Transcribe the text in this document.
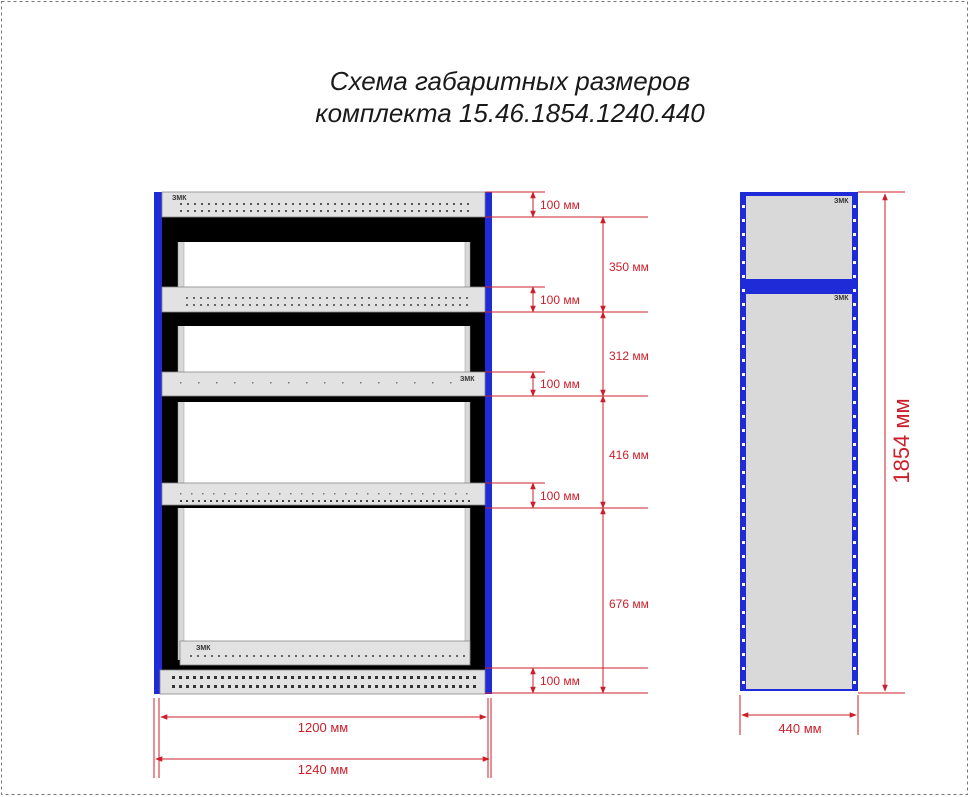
Схема габаритных размеров
комплекта 15.46.1854.1240.440
ЗМК
ЗМК
ЗМК
ЗМК
ЗМК
100 мм
100 мм
100 мм
100 мм
100 мм
350 мм
312 мм
416 мм
676 мм
1200 мм
1240 мм
440 мм
1854 мм
